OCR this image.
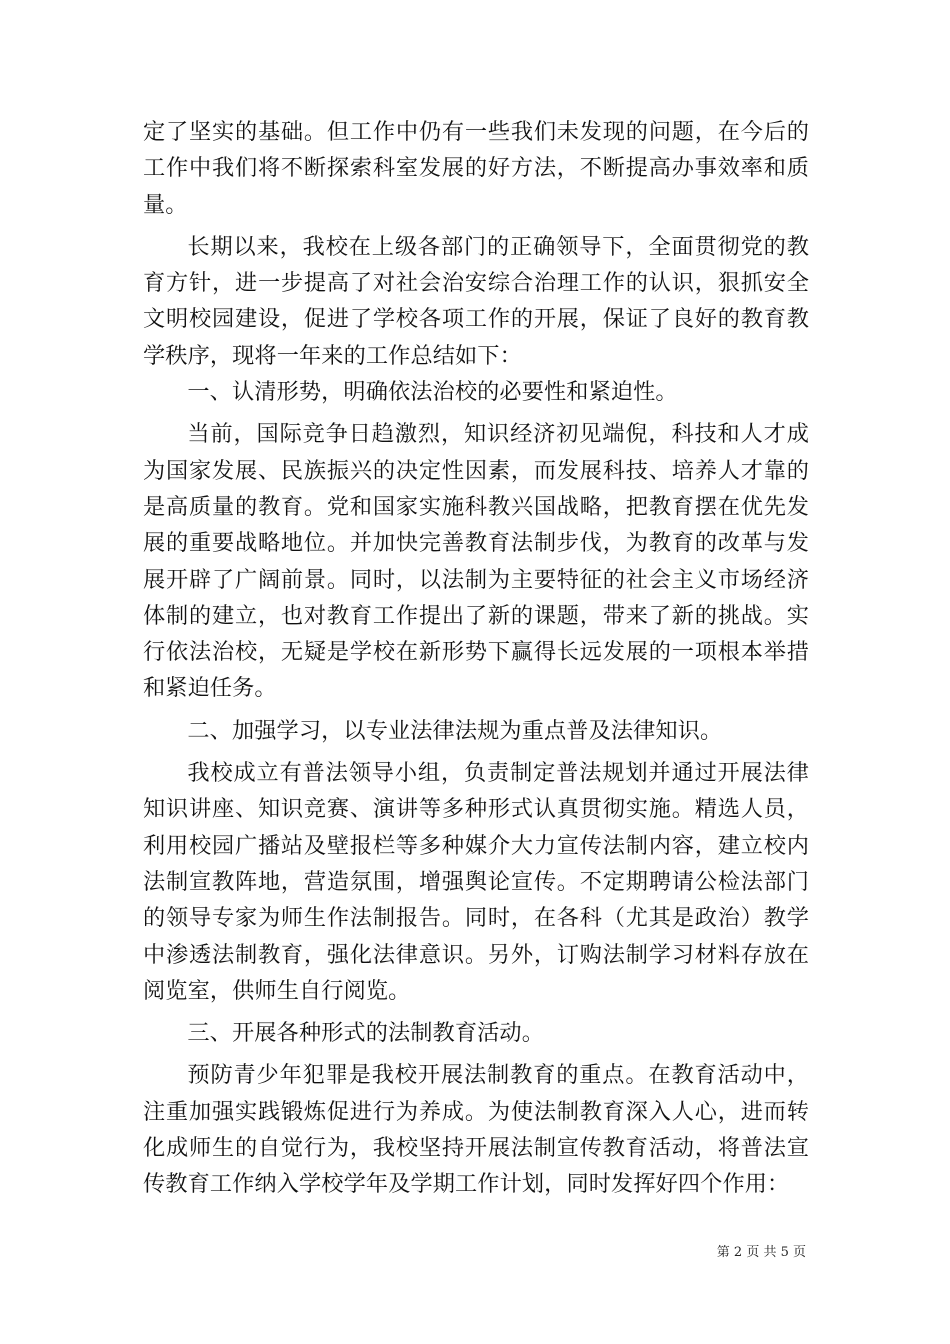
定了坚实的基础。但工作中仍有一些我们未发现的问题，在今后的工作中我们将不断探索科室发展的好方法，不断提高办事效率和质量。

长期以来，我校在上级各部门的正确领导下，全面贯彻党的教育方针，进一步提高了对社会治安综合治理工作的认识，狠抓安全文明校园建设，促进了学校各项工作的开展，保证了良好的教育教学秩序，现将一年来的工作总结如下：

一、认清形势，明确依法治校的必要性和紧迫性。

当前，国际竞争日趋激烈，知识经济初见端倪，科技和人才成为国家发展、民族振兴的决定性因素，而发展科技、培养人才靠的是高质量的教育。党和国家实施科教兴国战略，把教育摆在优先发展的重要战略地位。并加快完善教育法制步伐，为教育的改革与发展开辟了广阔前景。同时，以法制为主要特征的社会主义市场经济体制的建立，也对教育工作提出了新的课题，带来了新的挑战。实行依法治校，无疑是学校在新形势下赢得长远发展的一项根本举措和紧迫任务。

二、加强学习，以专业法律法规为重点普及法律知识。

我校成立有普法领导小组，负责制定普法规划并通过开展法律知识讲座、知识竞赛、演讲等多种形式认真贯彻实施。精选人员，利用校园广播站及壁报栏等多种媒介大力宣传法制内容，建立校内法制宣教阵地，营造氛围，增强舆论宣传。不定期聘请公检法部门的领导专家为师生作法制报告。同时，在各科（尤其是政治）教学中渗透法制教育，强化法律意识。另外，订购法制学习材料存放在阅览室，供师生自行阅览。

三、开展各种形式的法制教育活动。

预防青少年犯罪是我校开展法制教育的重点。在教育活动中，注重加强实践锻炼促进行为养成。为使法制教育深入人心，进而转化成师生的自觉行为，我校坚持开展法制宣传教育活动，将普法宣传教育工作纳入学校学年及学期工作计划，同时发挥好四个作用：

第 2 页 共 5 页
